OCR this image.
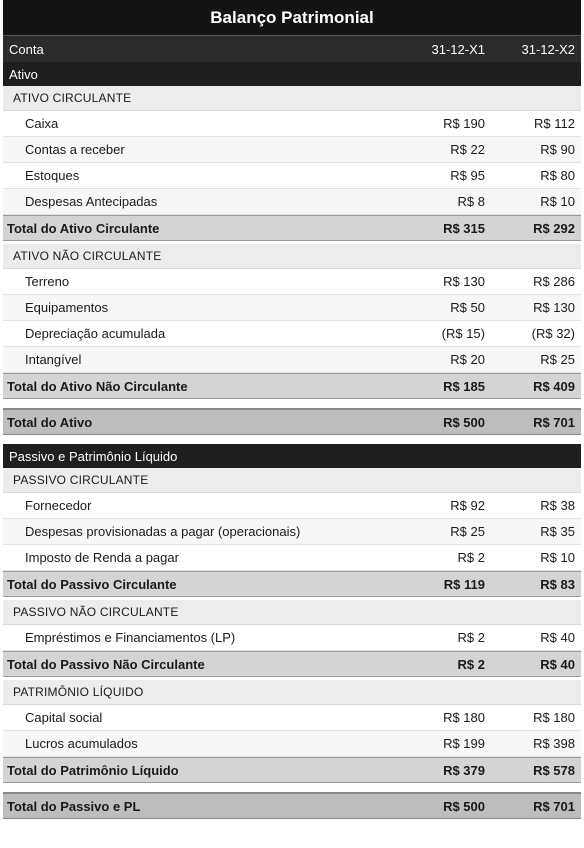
Balanço Patrimonial
Conta	31-12-X1	31-12-X2
Ativo
ATIVO CIRCULANTE
Caixa	R$ 190	R$ 112
Contas a receber	R$ 22	R$ 90
Estoques	R$ 95	R$ 80
Despesas Antecipadas	R$ 8	R$ 10
Total do Ativo Circulante	R$ 315	R$ 292
ATIVO NÃO CIRCULANTE
Terreno	R$ 130	R$ 286
Equipamentos	R$ 50	R$ 130
Depreciação acumulada	(R$ 15)	(R$ 32)
Intangível	R$ 20	R$ 25
Total do Ativo Não Circulante	R$ 185	R$ 409
Total do Ativo	R$ 500	R$ 701
Passivo e Patrimônio Líquido
PASSIVO CIRCULANTE
Fornecedor	R$ 92	R$ 38
Despesas provisionadas a pagar (operacionais)	R$ 25	R$ 35
Imposto de Renda a pagar	R$ 2	R$ 10
Total do Passivo Circulante	R$ 119	R$ 83
PASSIVO NÃO CIRCULANTE
Empréstimos e Financiamentos (LP)	R$ 2	R$ 40
Total do Passivo Não Circulante	R$ 2	R$ 40
PATRIMÔNIO LÍQUIDO
Capital social	R$ 180	R$ 180
Lucros acumulados	R$ 199	R$ 398
Total do Patrimônio Líquido	R$ 379	R$ 578
Total do Passivo e PL	R$ 500	R$ 701
